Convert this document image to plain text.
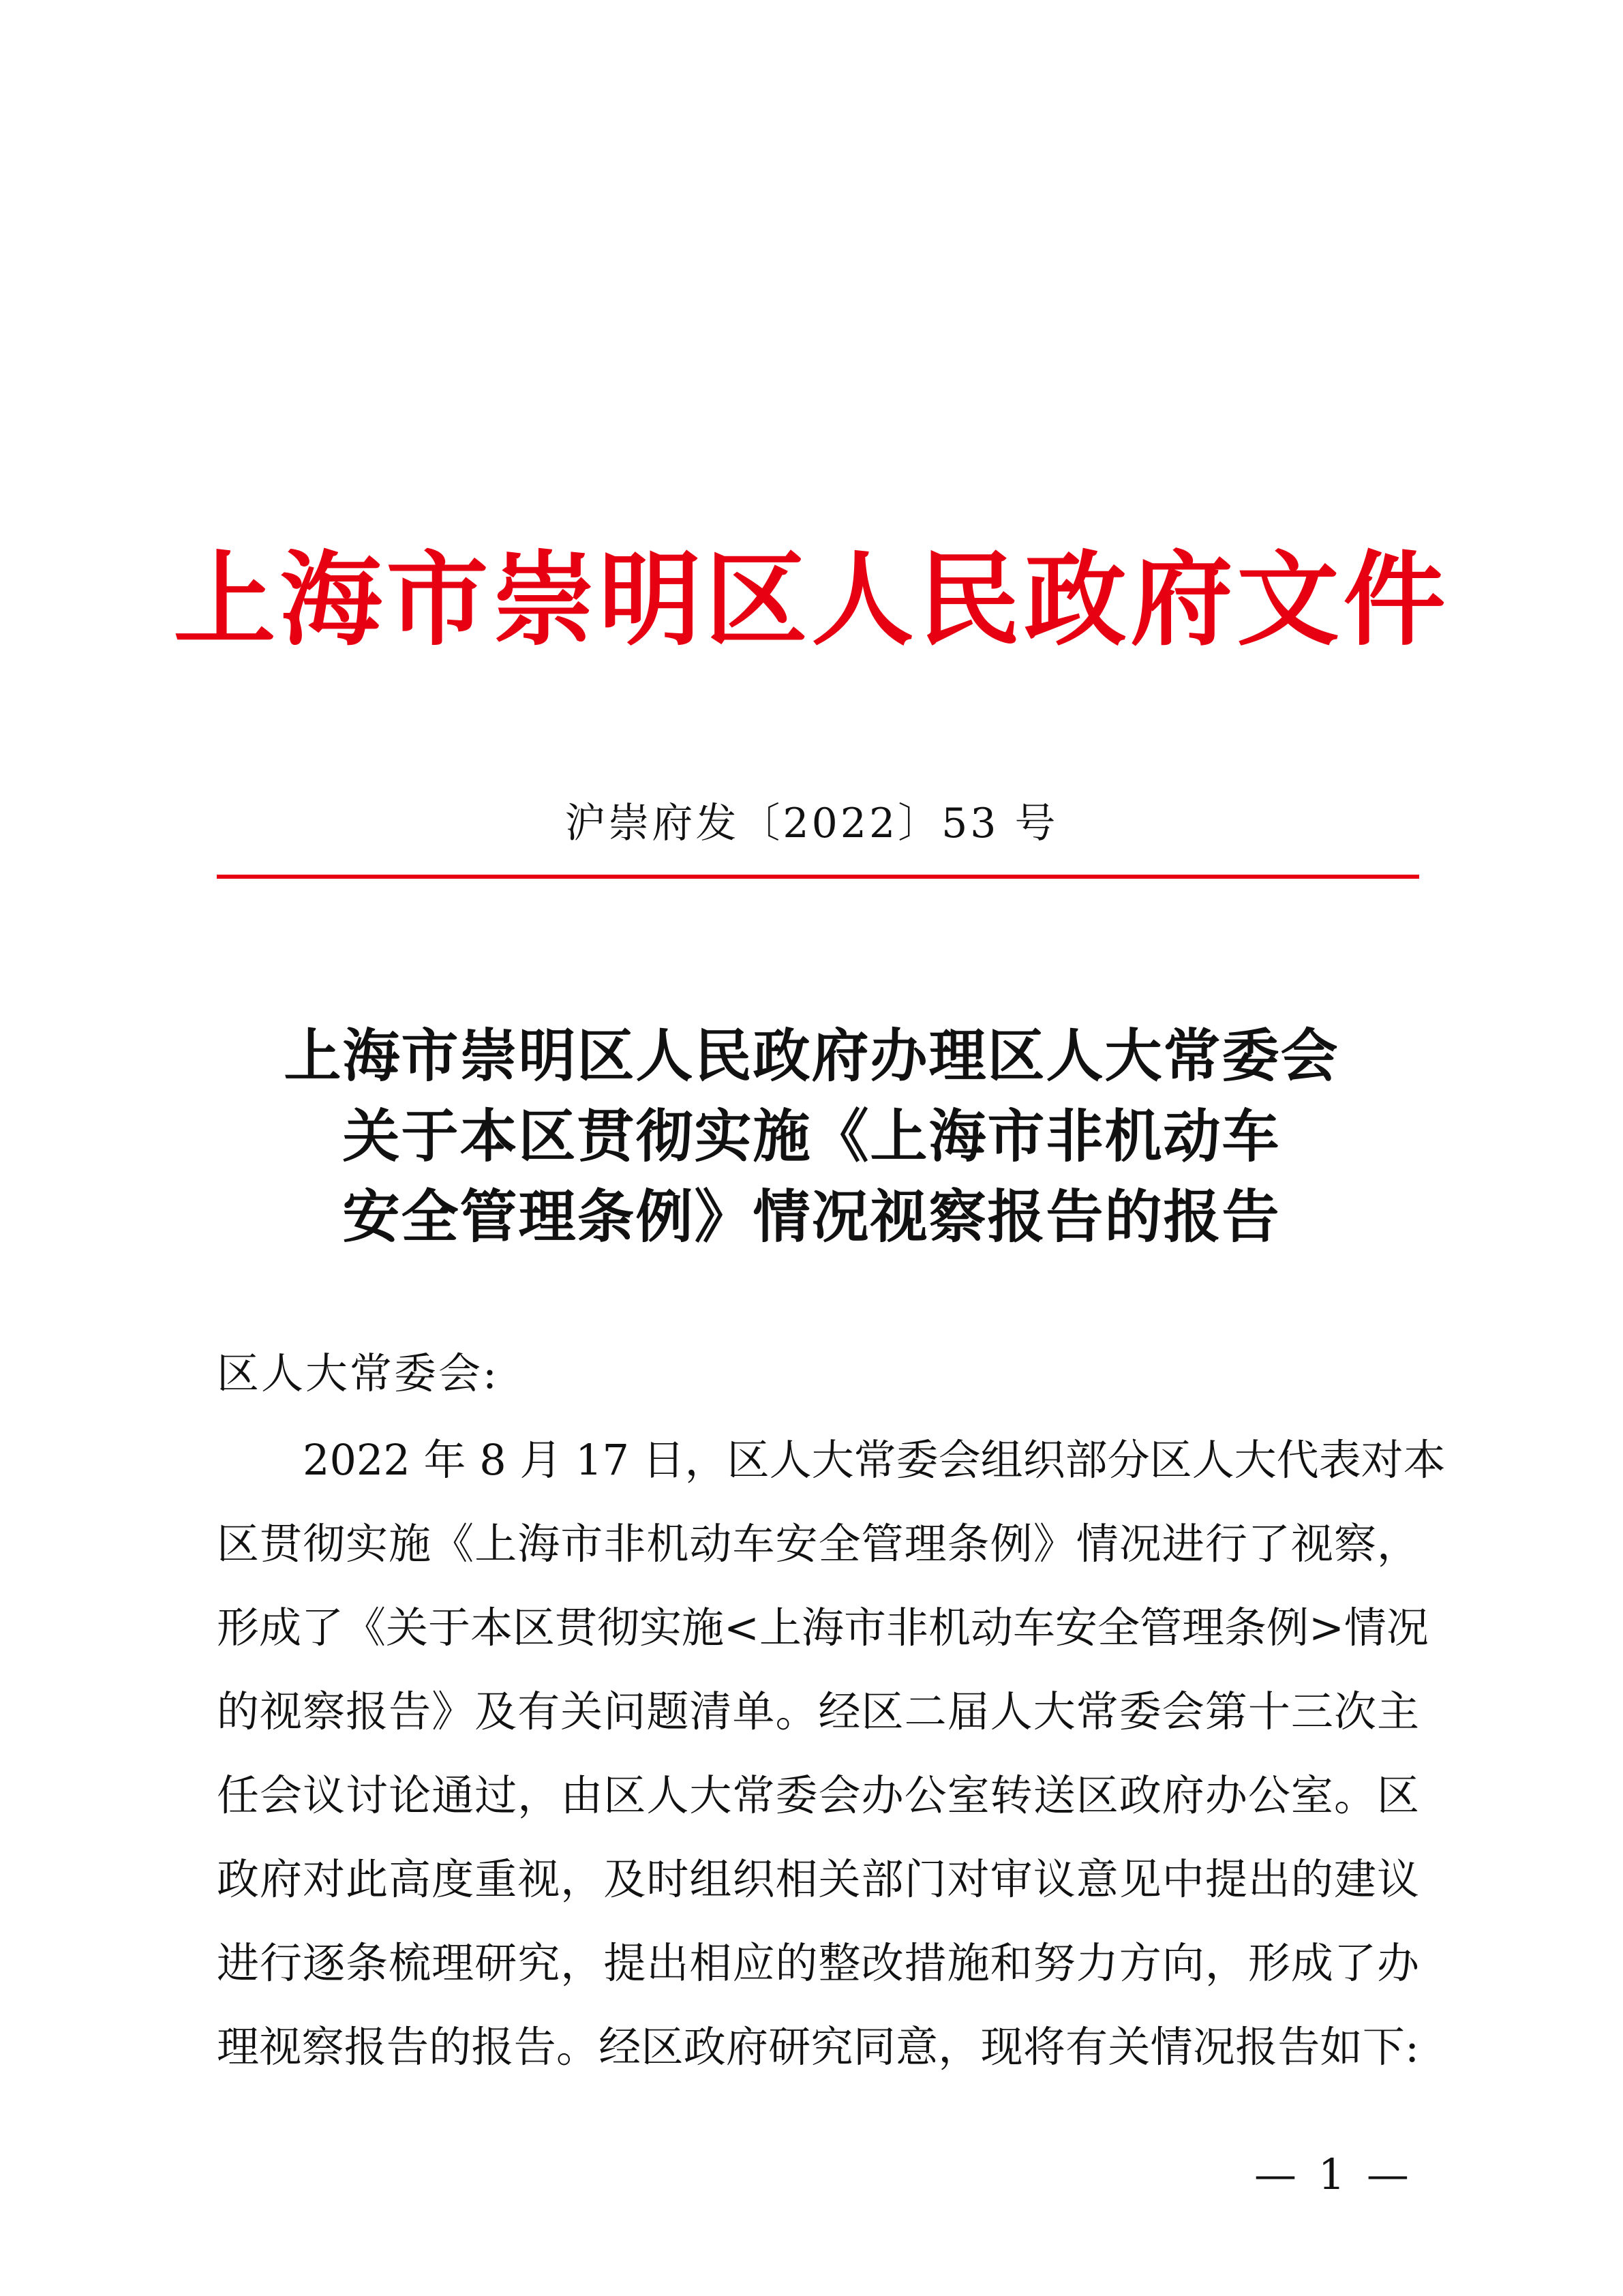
上海市崇明区人民政府文件
沪崇府发〔2022〕53 号
上海市崇明区人民政府办理区人大常委会
关于本区贯彻实施《上海市非机动车
安全管理条例》情况视察报告的报告
区人大常委会:
2022 年 8 月 17 日，区人大常委会组织部分区人大代表对本
区贯彻实施《上海市非机动车安全管理条例》情况进行了视察，
形成了《关于本区贯彻实施<上海市非机动车安全管理条例>情况
的视察报告》及有关问题清单。经区二届人大常委会第十三次主
任会议讨论通过，由区人大常委会办公室转送区政府办公室。区
政府对此高度重视，及时组织相关部门对审议意见中提出的建议
进行逐条梳理研究，提出相应的整改措施和努力方向，形成了办
理视察报告的报告。经区政府研究同意，现将有关情况报告如下:
— 1 —
